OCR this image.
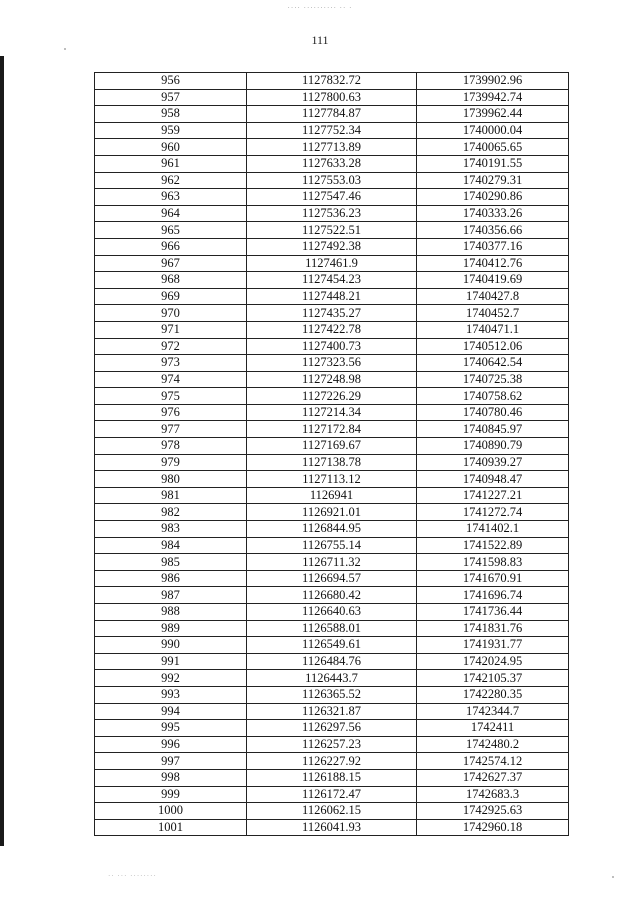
···· ·········· ·· ·
111
956	1127832.72	1739902.96
957	1127800.63	1739942.74
958	1127784.87	1739962.44
959	1127752.34	1740000.04
960	1127713.89	1740065.65
961	1127633.28	1740191.55
962	1127553.03	1740279.31
963	1127547.46	1740290.86
964	1127536.23	1740333.26
965	1127522.51	1740356.66
966	1127492.38	1740377.16
967	1127461.9	1740412.76
968	1127454.23	1740419.69
969	1127448.21	1740427.8
970	1127435.27	1740452.7
971	1127422.78	1740471.1
972	1127400.73	1740512.06
973	1127323.56	1740642.54
974	1127248.98	1740725.38
975	1127226.29	1740758.62
976	1127214.34	1740780.46
977	1127172.84	1740845.97
978	1127169.67	1740890.79
979	1127138.78	1740939.27
980	1127113.12	1740948.47
981	1126941	1741227.21
982	1126921.01	1741272.74
983	1126844.95	1741402.1
984	1126755.14	1741522.89
985	1126711.32	1741598.83
986	1126694.57	1741670.91
987	1126680.42	1741696.74
988	1126640.63	1741736.44
989	1126588.01	1741831.76
990	1126549.61	1741931.77
991	1126484.76	1742024.95
992	1126443.7	1742105.37
993	1126365.52	1742280.35
994	1126321.87	1742344.7
995	1126297.56	1742411
996	1126257.23	1742480.2
997	1126227.92	1742574.12
998	1126188.15	1742627.37
999	1126172.47	1742683.3
1000	1126062.15	1742925.63
1001	1126041.93	1742960.18
·· ··· ········
